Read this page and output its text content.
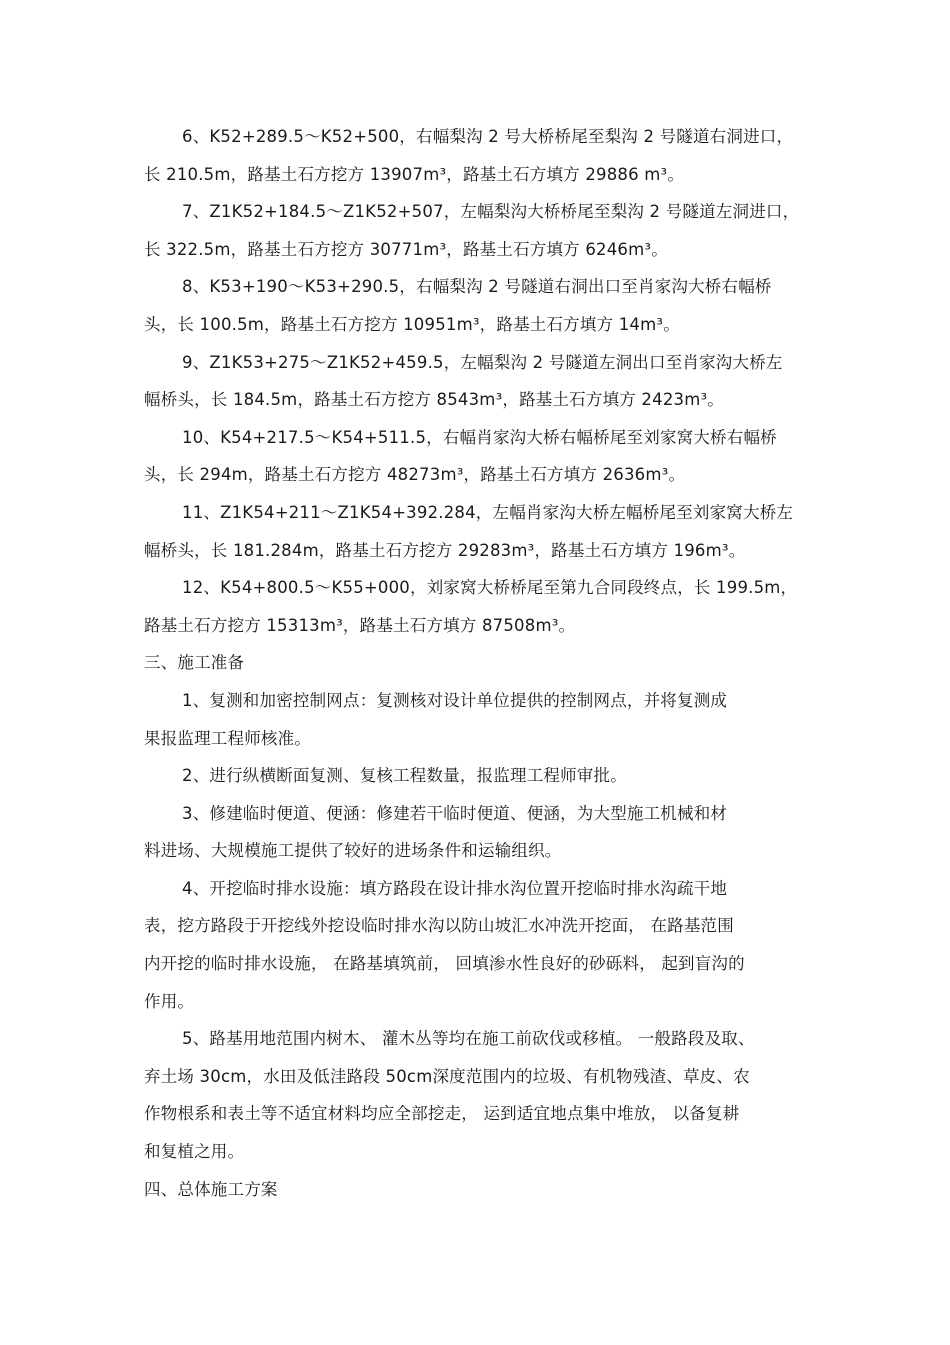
6、K52+289.5～K52+500，右幅梨沟 2 号大桥桥尾至梨沟 2 号隧道右洞进口，
长 210.5m，路基土石方挖方 13907m³，路基土石方填方 29886 m³。
7、Z1K52+184.5～Z1K52+507，左幅梨沟大桥桥尾至梨沟 2 号隧道左洞进口，
长 322.5m，路基土石方挖方 30771m³，路基土石方填方 6246m³。
8、K53+190～K53+290.5，右幅梨沟 2 号隧道右洞出口至肖家沟大桥右幅桥
头，长 100.5m，路基土石方挖方 10951m³，路基土石方填方 14m³。
9、Z1K53+275～Z1K52+459.5，左幅梨沟 2 号隧道左洞出口至肖家沟大桥左
幅桥头，长 184.5m，路基土石方挖方 8543m³，路基土石方填方 2423m³。
10、K54+217.5～K54+511.5，右幅肖家沟大桥右幅桥尾至刘家窝大桥右幅桥
头，长 294m，路基土石方挖方 48273m³，路基土石方填方 2636m³。
11、Z1K54+211～Z1K54+392.284，左幅肖家沟大桥左幅桥尾至刘家窝大桥左
幅桥头，长 181.284m，路基土石方挖方 29283m³，路基土石方填方 196m³。
12、K54+800.5～K55+000，刘家窝大桥桥尾至第九合同段终点，长 199.5m，
路基土石方挖方 15313m³，路基土石方填方 87508m³。
三、施工准备
1、复测和加密控制网点：复测核对设计单位提供的控制网点，并将复测成
果报监理工程师核准。
2、进行纵横断面复测、复核工程数量，报监理工程师审批。
3、修建临时便道、便涵：修建若干临时便道、便涵，为大型施工机械和材
料进场、大规模施工提供了较好的进场条件和运输组织。
4、开挖临时排水设施：填方路段在设计排水沟位置开挖临时排水沟疏干地
表，挖方路段于开挖线外挖设临时排水沟以防山坡汇水冲洗开挖面， 在路基范围
内开挖的临时排水设施， 在路基填筑前， 回填渗水性良好的砂砾料， 起到盲沟的
作用。
5、路基用地范围内树木、 灌木丛等均在施工前砍伐或移植。 一般路段及取、
弃土场 30cm，水田及低洼路段 50cm深度范围内的垃圾、有机物残渣、草皮、农
作物根系和表土等不适宜材料均应全部挖走， 运到适宜地点集中堆放， 以备复耕
和复植之用。
四、总体施工方案
